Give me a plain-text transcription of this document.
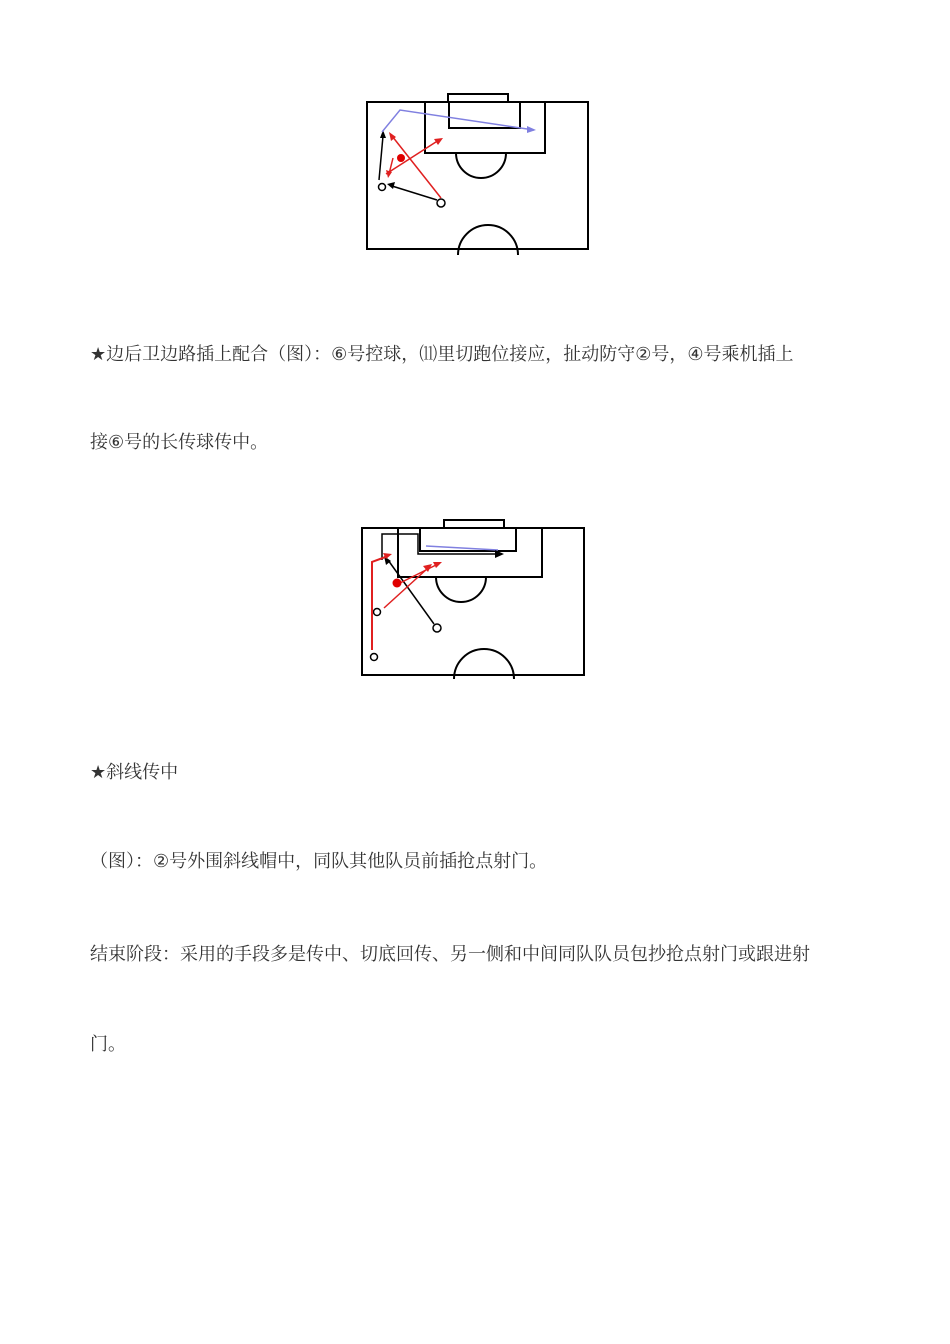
★边后卫边路插上配合（图）：⑥号控球，⑾里切跑位接应，扯动防守②号，④号乘机插上
接⑥号的长传球传中。
★斜线传中
（图）：②号外围斜线帽中，同队其他队员前插抢点射门。
结束阶段：采用的手段多是传中、切底回传、另一侧和中间同队队员包抄抢点射门或跟进射
门。
